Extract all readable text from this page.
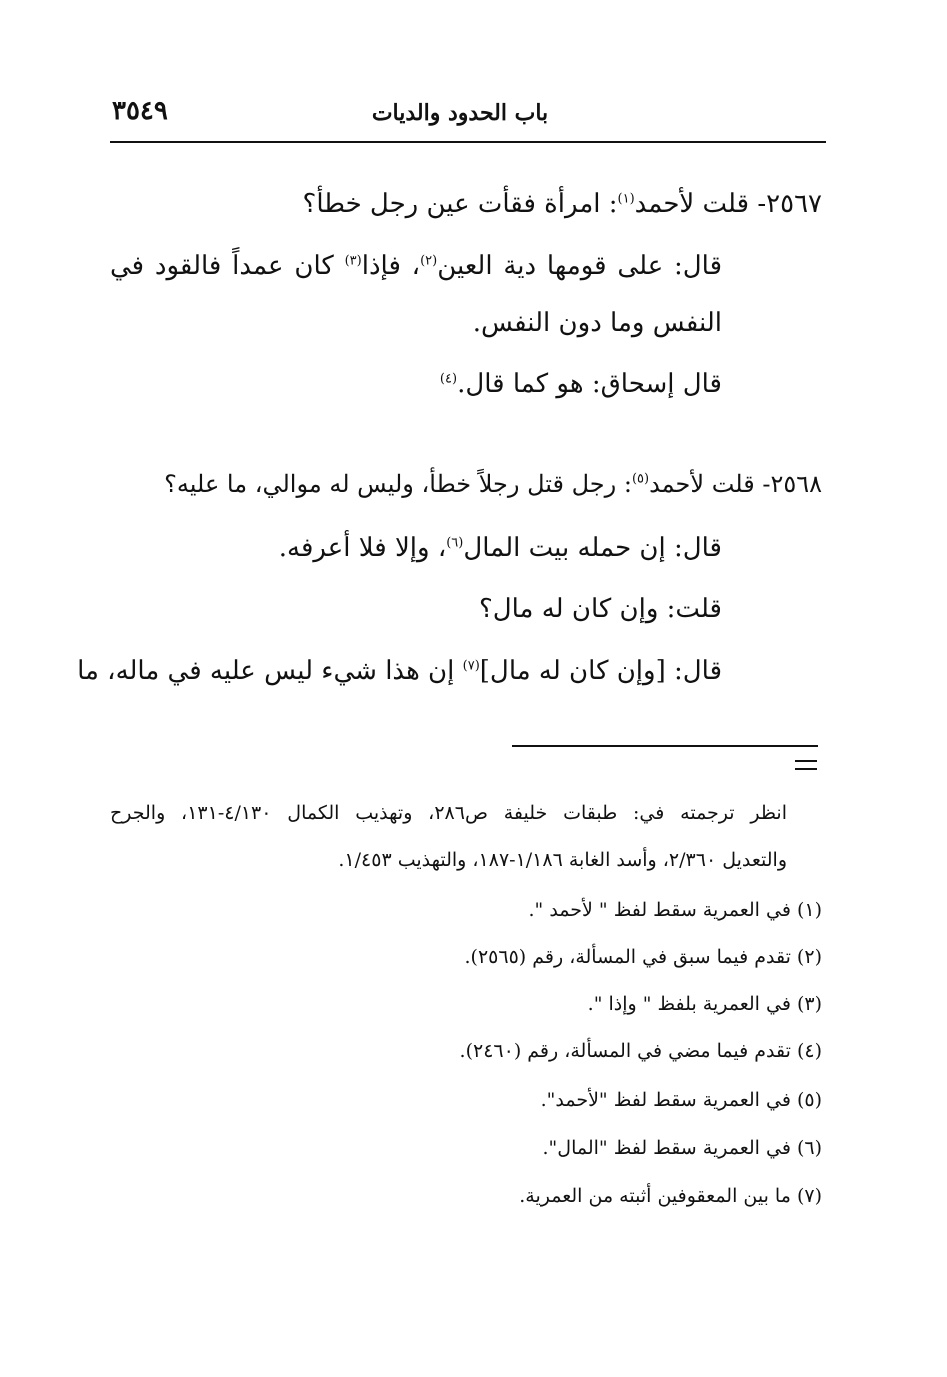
باب الحدود والديات
٣٥٤٩
٢٥٦٧- قلت لأحمد$^{(١)}$: امرأة فقأت عين رجل خطأ؟
قال: على قومها دية العين$^{(٢)}$، فإذا$^{(٣)}$ كان عمداً فالقود في
النفس وما دون النفس.
قال إسحاق: هو كما قال.$^{(٤)}$
٢٥٦٨- قلت لأحمد$^{(٥)}$: رجل قتل رجلاً خطأ، وليس له موالي، ما عليه؟
قال: إن حمله بيت المال$^{(٦)}$، وإلا فلا أعرفه.
قلت: وإن كان له مال؟
قال: [وإن كان له مال]$^{(٧)}$ إن هذا شيء ليس عليه في ماله، ما
انظر ترجمته في: طبقات خليفة ص٢٨٦، وتهذيب الكمال ٤/١٣٠-١٣١، والجرح
والتعديل ٢/٣٦٠، وأسد الغابة ١/١٨٦-١٨٧، والتهذيب ١/٤٥٣.
(١) في العمرية سقط لفظ " لأحمد ".
(٢) تقدم فيما سبق في المسألة، رقم (٢٥٦٥).
(٣) في العمرية بلفظ " وإذا ".
(٤) تقدم فيما مضي في المسألة، رقم (٢٤٦٠).
(٥) في العمرية سقط لفظ "لأحمد".
(٦) في العمرية سقط لفظ "المال".
(٧) ما بين المعقوفين أثبته من العمرية.
